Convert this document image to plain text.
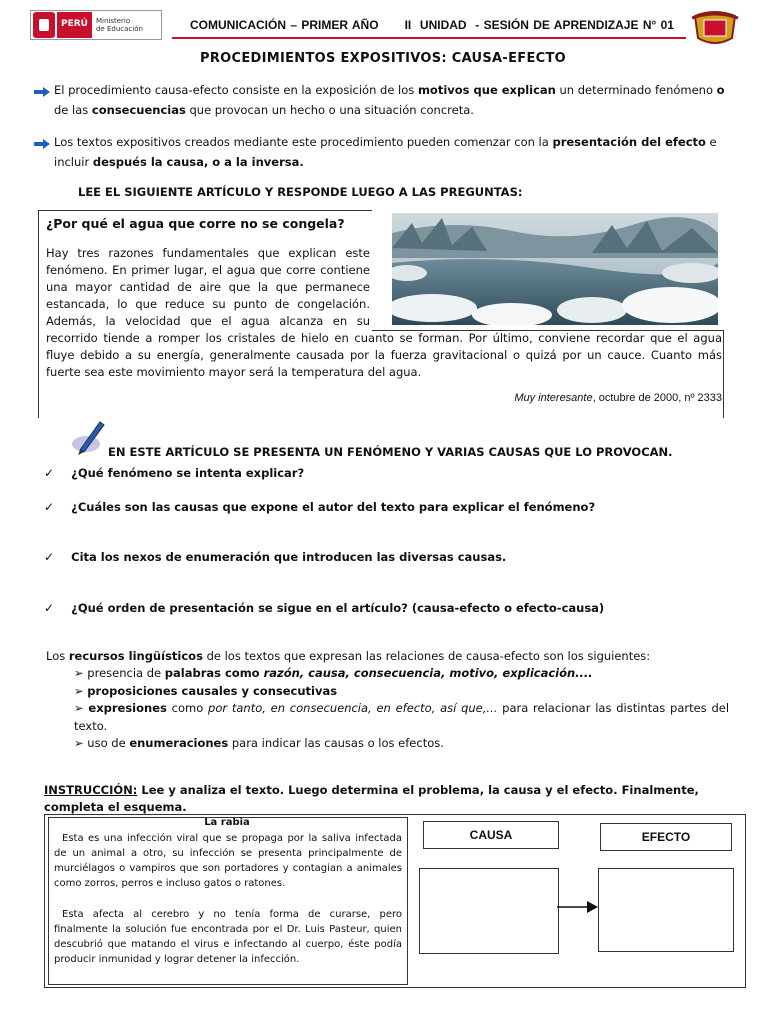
PERÚ	Ministerio
de Educación	COMUNICACIÓN – PRIMER AÑO      II  UNIDAD  - SESIÓN DE APRENDIZAJE N° 01
PROCEDIMIENTOS EXPOSITIVOS: CAUSA-EFECTO
El procedimiento causa-efecto consiste en la exposición de los motivos que explican un determinado fenómeno o
de las consecuencias que provocan un hecho o una situación concreta.
Los textos expositivos creados mediante este procedimiento pueden comenzar con la presentación del efecto e
incluir después la causa, o a la inversa.
LEE EL SIGUIENTE ARTÍCULO Y RESPONDE LUEGO A LAS PREGUNTAS:
¿Por qué el agua que corre no se congela?
Hay tres razones fundamentales que explican este
fenómeno. En primer lugar, el agua que corre contiene
una mayor cantidad de aire que la que permanece
estancada, lo que reduce su punto de congelación.
Además, la velocidad que el agua alcanza en su
recorrido tiende a romper los cristales de hielo en cuanto se forman. Por último, conviene recordar que el agua
fluye debido a su energía, generalmente causada por la fuerza gravitacional o quizá por un cauce. Cuanto más
fuerte sea este movimiento mayor será la temperatura del agua.
Muy interesante, octubre de 2000, nº 2333
EN ESTE ARTÍCULO SE PRESENTA UN FENÓMENO Y VARIAS CAUSAS QUE LO PROVOCAN.
✓ ¿Qué fenómeno se intenta explicar?
✓ ¿Cuáles son las causas que expone el autor del texto para explicar el fenómeno?
✓ Cita los nexos de enumeración que introducen las diversas causas.
✓ ¿Qué orden de presentación se sigue en el artículo? (causa-efecto o efecto-causa)
Los recursos lingüísticos de los textos que expresan las relaciones de causa-efecto son los siguientes:
➢ presencia de palabras como razón, causa, consecuencia, motivo, explicación....
➢ proposiciones causales y consecutivas
➢ expresiones como por tanto, en consecuencia, en efecto, así que,... para relacionar las distintas partes del
texto.
➢ uso de enumeraciones para indicar las causas o los efectos.
INSTRUCCIÓN: Lee y analiza el texto. Luego determina el problema, la causa y el efecto. Finalmente,
completa el esquema.
La rabia
Esta es una infección viral que se propaga por la saliva infectada
de un animal a otro, su infección se presenta principalmente de
murciélagos o vampiros que son portadores y contagian a animales
como zorros, perros e incluso gatos o ratones.
Esta afecta al cerebro y no tenía forma de curarse, pero
finalmente la solución fue encontrada por el Dr. Luis Pasteur, quien
descubrió que matando el virus e infectando al cuerpo, éste podía
producir inmunidad y lograr detener la infección.
CAUSA	EFECTO
